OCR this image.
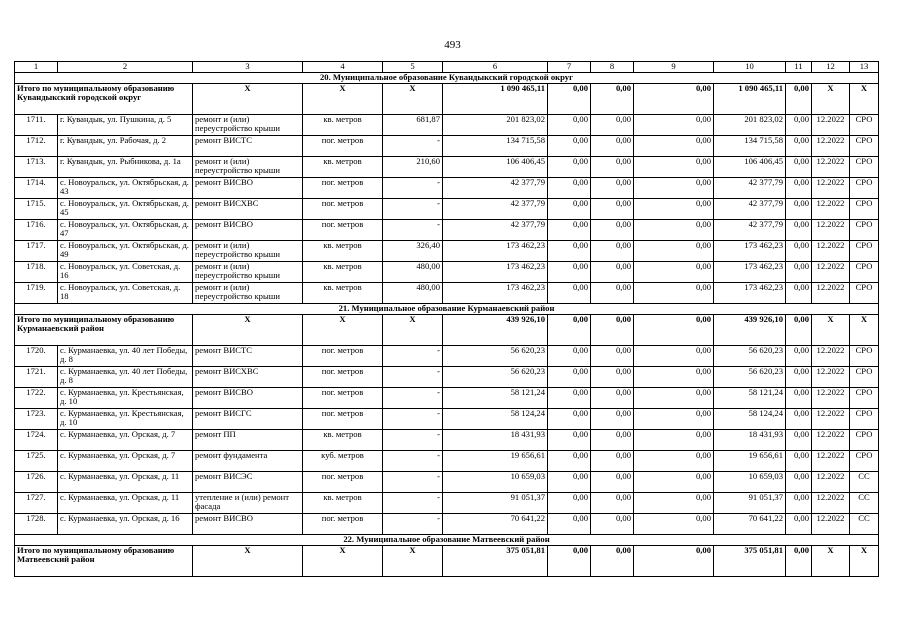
493
1	2	3	4	5	6	7	8	9	10	11	12	13
20. Муниципальное образование Кувандыкский городской округ												
Итого по муниципальному образованию Кувандыкский городской округ		X	X	X	1 090 465,11	0,00	0,00	0,00	1 090 465,11	0,00	X	X
1711.	г. Кувандык, ул. Пушкина, д. 5	ремонт и (или) переустройство крыши	кв. метров	681,87	201 823,02	0,00	0,00	0,00	201 823,02	0,00	12.2022	СРО
1712.	г. Кувандык, ул. Рабочая, д. 2	ремонт ВИСТС	пог. метров	-	134 715,58	0,00	0,00	0,00	134 715,58	0,00	12.2022	СРО
1713.	г. Кувандык, ул. Рыбникова, д. 1а	ремонт и (или) переустройство крыши	кв. метров	210,60	106 406,45	0,00	0,00	0,00	106 406,45	0,00	12.2022	СРО
1714.	с. Новоуральск, ул. Октябрьская, д. 43	ремонт ВИСВО	пог. метров	-	42 377,79	0,00	0,00	0,00	42 377,79	0,00	12.2022	СРО
1715.	с. Новоуральск, ул. Октябрьская, д. 45	ремонт ВИСХВС	пог. метров	-	42 377,79	0,00	0,00	0,00	42 377,79	0,00	12.2022	СРО
1716.	с. Новоуральск, ул. Октябрьская, д. 47	ремонт ВИСВО	пог. метров	-	42 377,79	0,00	0,00	0,00	42 377,79	0,00	12.2022	СРО
1717.	с. Новоуральск, ул. Октябрьская, д. 49	ремонт и (или) переустройство крыши	кв. метров	326,40	173 462,23	0,00	0,00	0,00	173 462,23	0,00	12.2022	СРО
1718.	с. Новоуральск, ул. Советская, д. 16	ремонт и (или) переустройство крыши	кв. метров	480,00	173 462,23	0,00	0,00	0,00	173 462,23	0,00	12.2022	СРО
1719.	с. Новоуральск, ул. Советская, д. 18	ремонт и (или) переустройство крыши	кв. метров	480,00	173 462,23	0,00	0,00	0,00	173 462,23	0,00	12.2022	СРО
21. Муниципальное образование Курманаевский район												
Итого по муниципальному образованию Курманаевский район		X	X	X	439 926,10	0,00	0,00	0,00	439 926,10	0,00	X	X
1720.	с. Курманаевка, ул. 40 лет Победы, д. 8	ремонт ВИСТС	пог. метров	-	56 620,23	0,00	0,00	0,00	56 620,23	0,00	12.2022	СРО
1721.	с. Курманаевка, ул. 40 лет Победы, д. 8	ремонт ВИСХВС	пог. метров	-	56 620,23	0,00	0,00	0,00	56 620,23	0,00	12.2022	СРО
1722.	с. Курманаевка, ул. Крестьянская, д. 10	ремонт ВИСВО	пог. метров	-	58 121,24	0,00	0,00	0,00	58 121,24	0,00	12.2022	СРО
1723.	с. Курманаевка, ул. Крестьянская, д. 10	ремонт ВИСГС	пог. метров	-	58 124,24	0,00	0,00	0,00	58 124,24	0,00	12.2022	СРО
1724.	с. Курманаевка, ул. Орская, д. 7	ремонт ПП	кв. метров	-	18 431,93	0,00	0,00	0,00	18 431,93	0,00	12.2022	СРО
1725.	с. Курманаевка, ул. Орская, д. 7	ремонт фундамента	куб. метров	-	19 656,61	0,00	0,00	0,00	19 656,61	0,00	12.2022	СРО
1726.	с. Курманаевка, ул. Орская, д. 11	ремонт ВИСЭС	пог. метров	-	10 659,03	0,00	0,00	0,00	10 659,03	0,00	12.2022	СС
1727.	с. Курманаевка, ул. Орская, д. 11	утепление и (или) ремонт фасада	кв. метров	-	91 051,37	0,00	0,00	0,00	91 051,37	0,00	12.2022	СС
1728.	с. Курманаевка, ул. Орская, д. 16	ремонт ВИСВО	пог. метров	-	70 641,22	0,00	0,00	0,00	70 641,22	0,00	12.2022	СС
22. Муниципальное образование Матвеевский район												
Итого по муниципальному образованию Матвеевский район		X	X	X	375 051,81	0,00	0,00	0,00	375 051,81	0,00	X	X
